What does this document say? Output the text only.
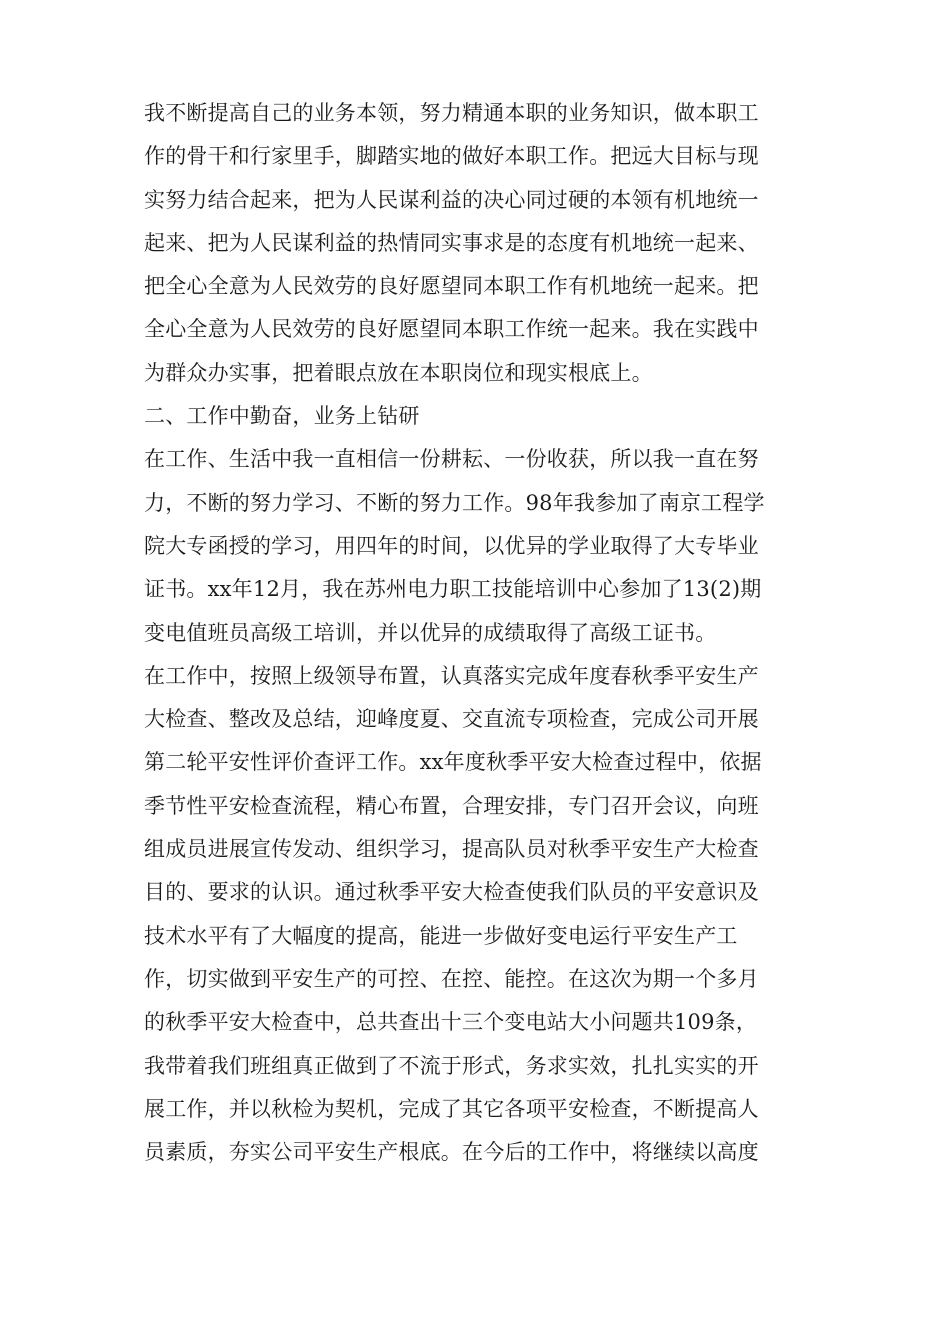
我不断提高自己的业务本领，努力精通本职的业务知识，做本职工
作的骨干和行家里手，脚踏实地的做好本职工作。把远大目标与现
实努力结合起来，把为人民谋利益的决心同过硬的本领有机地统一
起来、把为人民谋利益的热情同实事求是的态度有机地统一起来、
把全心全意为人民效劳的良好愿望同本职工作有机地统一起来。把
全心全意为人民效劳的良好愿望同本职工作统一起来。我在实践中
为群众办实事，把着眼点放在本职岗位和现实根底上。
二、工作中勤奋，业务上钻研
在工作、生活中我一直相信一份耕耘、一份收获，所以我一直在努
力，不断的努力学习、不断的努力工作。98年我参加了南京工程学
院大专函授的学习，用四年的时间，以优异的学业取得了大专毕业
证书。xx年12月，我在苏州电力职工技能培训中心参加了13(2)期
变电值班员高级工培训，并以优异的成绩取得了高级工证书。
在工作中，按照上级领导布置，认真落实完成年度春秋季平安生产
大检查、整改及总结，迎峰度夏、交直流专项检查，完成公司开展
第二轮平安性评价查评工作。xx年度秋季平安大检查过程中，依据
季节性平安检查流程，精心布置，合理安排，专门召开会议，向班
组成员进展宣传发动、组织学习，提高队员对秋季平安生产大检查
目的、要求的认识。通过秋季平安大检查使我们队员的平安意识及
技术水平有了大幅度的提高，能进一步做好变电运行平安生产工
作，切实做到平安生产的可控、在控、能控。在这次为期一个多月
的秋季平安大检查中，总共查出十三个变电站大小问题共109条，
我带着我们班组真正做到了不流于形式，务求实效，扎扎实实的开
展工作，并以秋检为契机，完成了其它各项平安检查，不断提高人
员素质，夯实公司平安生产根底。在今后的工作中，将继续以高度
